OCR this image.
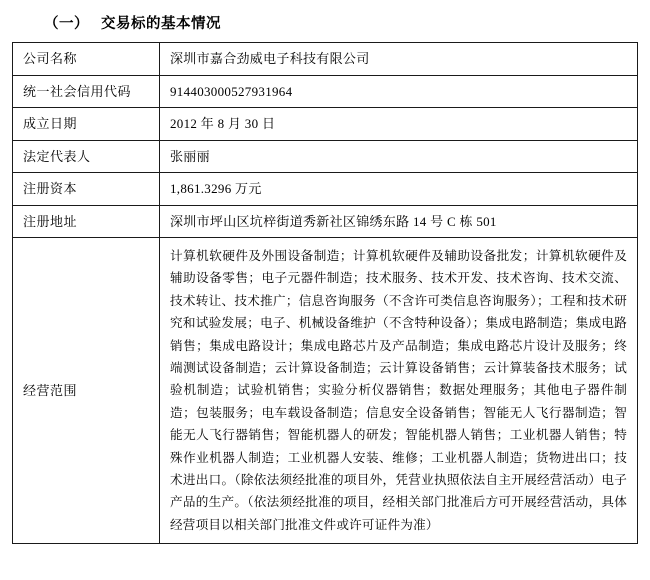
（一） 交易标的基本情况
公司名称	深圳市嘉合劲威电子科技有限公司
统一社会信用代码	914403000527931964
成立日期	2012 年 8 月 30 日
法定代表人	张丽丽
注册资本	1,861.3296 万元
注册地址	深圳市坪山区坑梓街道秀新社区锦绣东路 14 号 C 栋 501
经营范围	计算机软硬件及外围设备制造；计算机软硬件及辅助设备批发；计算机软硬件及辅助设备零售；电子元器件制造；技术服务、技术开发、技术咨询、技术交流、技术转让、技术推广；信息咨询服务（不含许可类信息咨询服务）；工程和技术研究和试验发展；电子、机械设备维护（不含特种设备）；集成电路制造；集成电路销售；集成电路设计；集成电路芯片及产品制造；集成电路芯片设计及服务；终端测试设备制造；云计算设备制造；云计算设备销售；云计算装备技术服务；试验机制造；试验机销售；实验分析仪器销售；数据处理服务；其他电子器件制造；包装服务；电车载设备制造；信息安全设备销售；智能无人飞行器制造；智能无人飞行器销售；智能机器人的研发；智能机器人销售；工业机器人销售；特殊作业机器人制造；工业机器人安装、维修；工业机器人制造；货物进出口；技术进出口。（除依法须经批准的项目外，凭营业执照依法自主开展经营活动）电子产品的生产。（依法须经批准的项目，经相关部门批准后方可开展经营活动，具体经营项目以相关部门批准文件或许可证件为准）
